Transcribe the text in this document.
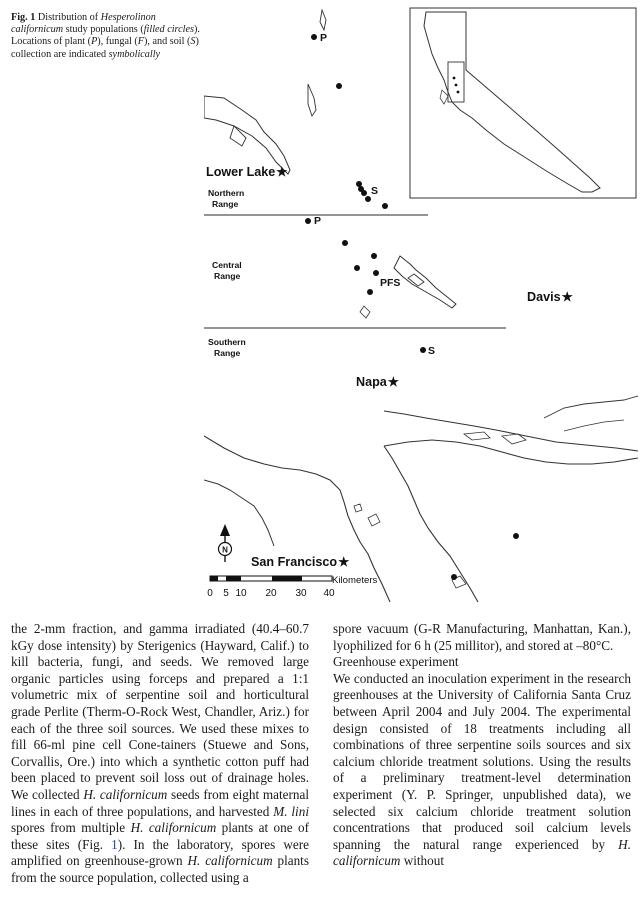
Fig. 1 Distribution of Hesperolinon californicum study populations (filled circles). Locations of plant (P), fungal (F), and soil (S) collection are indicated symbolically
P
S
P
PFS
S
Northern
Range
Central
Range
Southern
Range
Lower Lake★
Davis★
Napa★
San Francisco★
N
Kilometers
0 5 10 20 30 40

the 2-mm fraction, and gamma irradiated (40.4–60.7 kGy dose intensity) by Sterigenics (Hayward, Calif.) to kill bacteria, fungi, and seeds. We removed large organic particles using forceps and prepared a 1:1 volumetric mix of serpentine soil and horticultural grade Perlite (Therm-O-Rock West, Chandler, Ariz.) for each of the three soil sources. We used these mixes to fill 66-ml pine cell Cone-tainers (Stuewe and Sons, Corvallis, Ore.) into which a synthetic cotton puff had been placed to prevent soil loss out of drainage holes. We collected H. californicum seeds from eight maternal lines in each of three populations, and harvested M. lini spores from multiple H. californicum plants at one of these sites (Fig. 1). In the laboratory, spores were amplified on greenhouse-grown H. californicum plants from the source population, collected using a

spore vacuum (G-R Manufacturing, Manhattan, Kan.), lyophilized for 6 h (25 millitor), and stored at –80°C.

Greenhouse experiment

We conducted an inoculation experiment in the research greenhouses at the University of California Santa Cruz between April 2004 and July 2004. The experimental design consisted of 18 treatments including all combinations of three serpentine soils sources and six calcium chloride treatment solutions. Using the results of a preliminary treatment-level determination experiment (Y. P. Springer, unpublished data), we selected six calcium chloride treatment solution concentrations that produced soil calcium levels spanning the natural range experienced by H. californicum without
